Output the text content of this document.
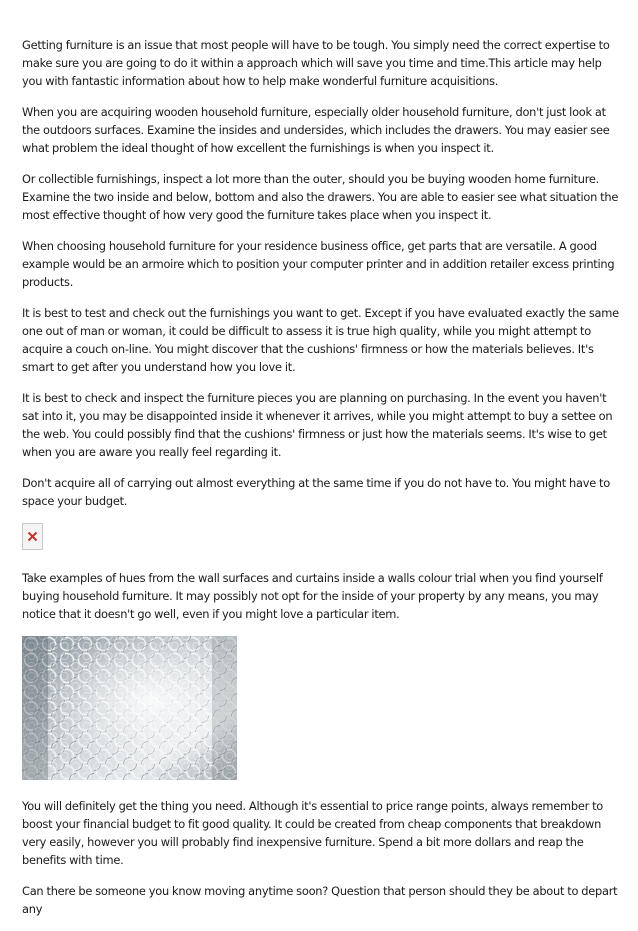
Getting furniture is an issue that most people will have to be tough. You simply need the correct expertise to make sure you are going to do it within a approach which will save you time and time.This article may help you with fantastic information about how to help make wonderful furniture acquisitions.

When you are acquiring wooden household furniture, especially older household furniture, don't just look at the outdoors surfaces. Examine the insides and undersides, which includes the drawers. You may easier see what problem the ideal thought of how excellent the furnishings is when you inspect it.

Or collectible furnishings, inspect a lot more than the outer, should you be buying wooden home furniture. Examine the two inside and below, bottom and also the drawers. You are able to easier see what situation the most effective thought of how very good the furniture takes place when you inspect it.

When choosing household furniture for your residence business office, get parts that are versatile. A good example would be an armoire which to position your computer printer and in addition retailer excess printing products.

It is best to test and check out the furnishings you want to get. Except if you have evaluated exactly the same one out of man or woman, it could be difficult to assess it is true high quality, while you might attempt to acquire a couch on-line. You might discover that the cushions' firmness or how the materials believes. It's smart to get after you understand how you love it.

It is best to check and inspect the furniture pieces you are planning on purchasing. In the event you haven't sat into it, you may be disappointed inside it whenever it arrives, while you might attempt to buy a settee on the web. You could possibly find that the cushions' firmness or just how the materials seems. It's wise to get when you are aware you really feel regarding it.

Don't acquire all of carrying out almost everything at the same time if you do not have to. You might have to space your budget.

Take examples of hues from the wall surfaces and curtains inside a walls colour trial when you find yourself buying household furniture. It may possibly not opt for the inside of your property by any means, you may notice that it doesn't go well, even if you might love a particular item.

You will definitely get the thing you need. Although it's essential to price range points, always remember to boost your financial budget to fit good quality. It could be created from cheap components that breakdown very easily, however you will probably find inexpensive furniture. Spend a bit more dollars and reap the benefits with time.

Can there be someone you know moving anytime soon? Question that person should they be about to depart any
